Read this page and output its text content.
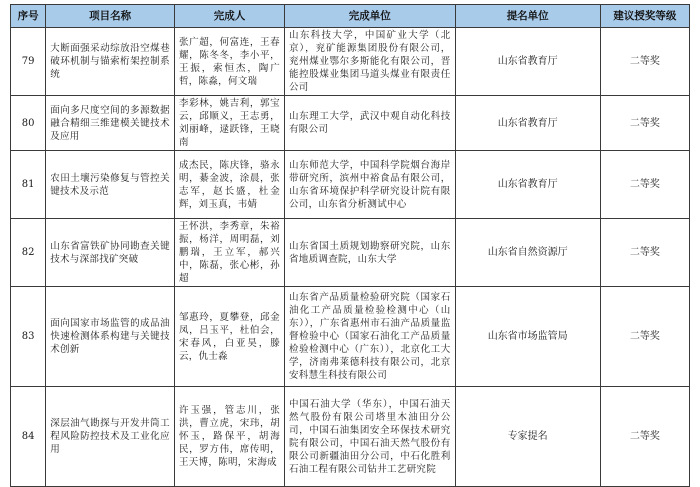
序号	项目名称	完成人	完成单位	提名单位	建议授奖等级
79	大断面强采动综放沿空煤巷破环机制与锚索桁架控制系统	张广超，何富连，王春耀，陈冬冬，李小平，王振，索恒杰，陶广哲，陈淼，何文瑞	山东科技大学，中国矿业大学（北京），兖矿能源集团股份有限公司，兖州煤业鄂尔多斯能化有限公司，晋能控股煤业集团马道头煤业有限责任公司	山东省教育厅	二等奖
80	面向多尺度空间的多源数据融合精细三维建模关键技术及应用	李彩林，姚吉利，郭宝云，邱顺义，王志勇，刘丽峰，逯跃锋，王晓南	山东理工大学，武汉中观自动化科技有限公司	山东省教育厅	二等奖
81	农田土壤污染修复与管控关键技术及示范	成杰民，陈庆锋，骆永明，綦金波，涂晨，张志军，赵长盛，杜金辉，刘玉真，韦婧	山东师范大学，中国科学院烟台海岸带研究所，滨州中裕食品有限公司，山东省环境保护科学研究设计院有限公司，山东省分析测试中心	山东省教育厅	二等奖
82	山东省富铁矿协同勘查关键技术与深部找矿突破	王怀洪，李秀章，朱裕振，杨洋，周明磊，刘鹏瑞，王立军，郝兴中，陈磊，张心彬，孙超	山东省国土质规划勘察研究院，山东省地质调查院，山东大学	山东省自然资源厅	二等奖
83	面向国家市场监管的成品油快速检测体系构建与关键技术创新	邹惠玲，夏攀登，邱金凤，吕玉平，杜伯会，宋春风，白亚昊，滕云，仇士淼	山东省产品质量检验研究院（国家石油化工产品质量检验检测中心（山东）），广东省惠州市石油产品质量监督检验中心（国家石油化工产品质量检验检测中心（广东）），北京化工大学，济南弗莱德科技有限公司，北京安科慧生科技有限公司	山东省市场监管局	二等奖
84	深层油气勘探与开发井筒工程风险防控技术及工业化应用	许玉强，管志川，张洪，曹立虎，宋玮，胡怀玉，路保平，胡海民，罗方伟，席传明，王天博，陈明，宋海成	中国石油大学（华东），中国石油天然气股份有限公司塔里木油田分公司，中国石油集团安全环保技术研究院有限公司，中国石油天然气股份有限公司新疆油田分公司，中石化胜利石油工程有限公司钻井工艺研究院	专家提名	二等奖
